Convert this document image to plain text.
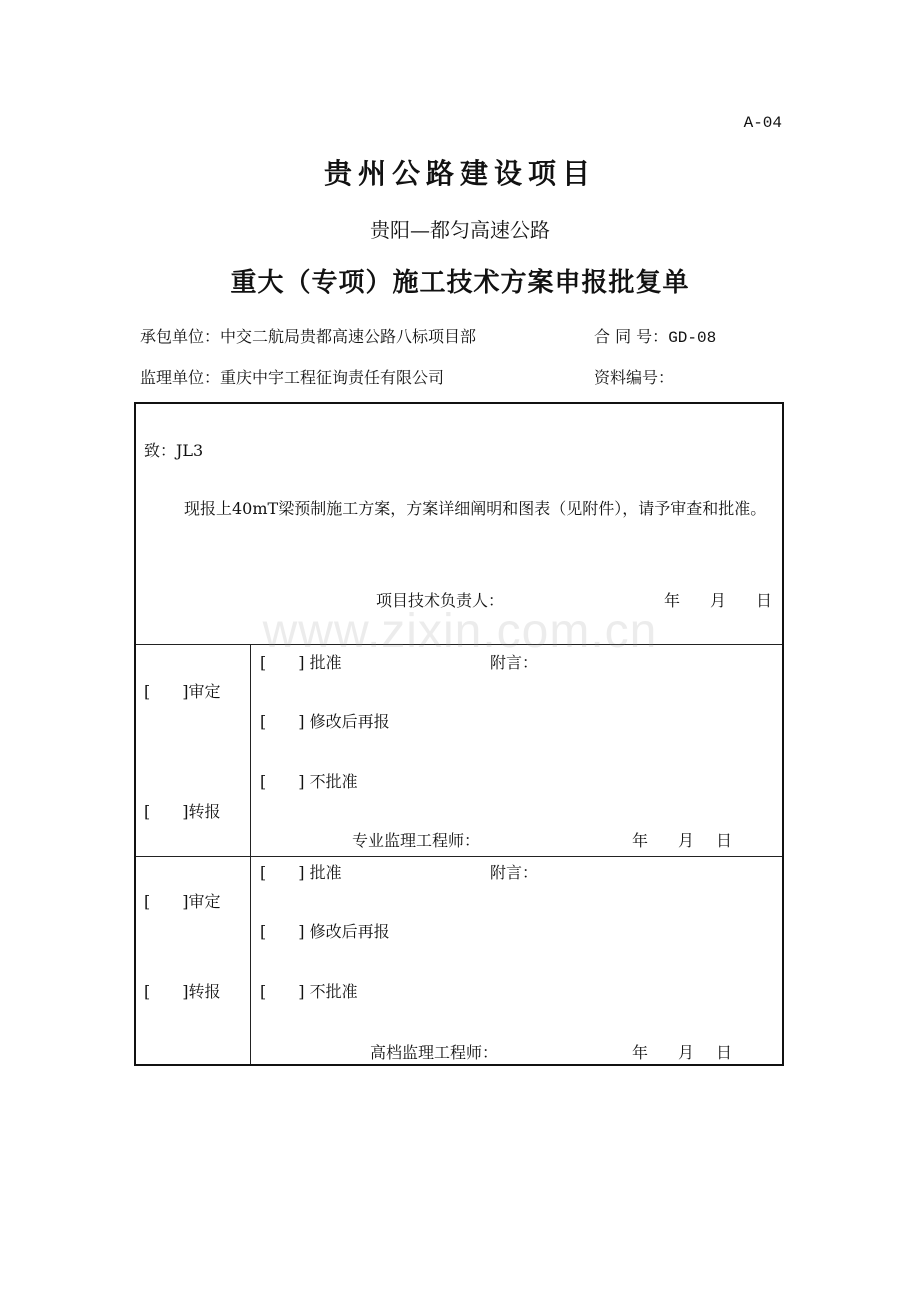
A-04
贵州公路建设项目
贵阳—都匀高速公路
重大（专项）施工技术方案申报批复单
承包单位：中交二航局贵都高速公路八标项目部	合 同 号：GD-08
监理单位：重庆中宇工程征询责任有限公司	资料编号：
致：JL3
现报上40mT梁预制施工方案，方案详细阐明和图表（见附件），请予审查和批准。
项目技术负责人：	年 月 日
[　　]审定
[　　]转报
[　　] 批准	附言：
[　　] 修改后再报
[　　] 不批准
专业监理工程师：	年 月 日
[　　]审定
[　　]转报
[　　] 批准	附言：
[　　] 修改后再报
[　　] 不批准
高档监理工程师：	年 月 日
www.zixin.com.cn
